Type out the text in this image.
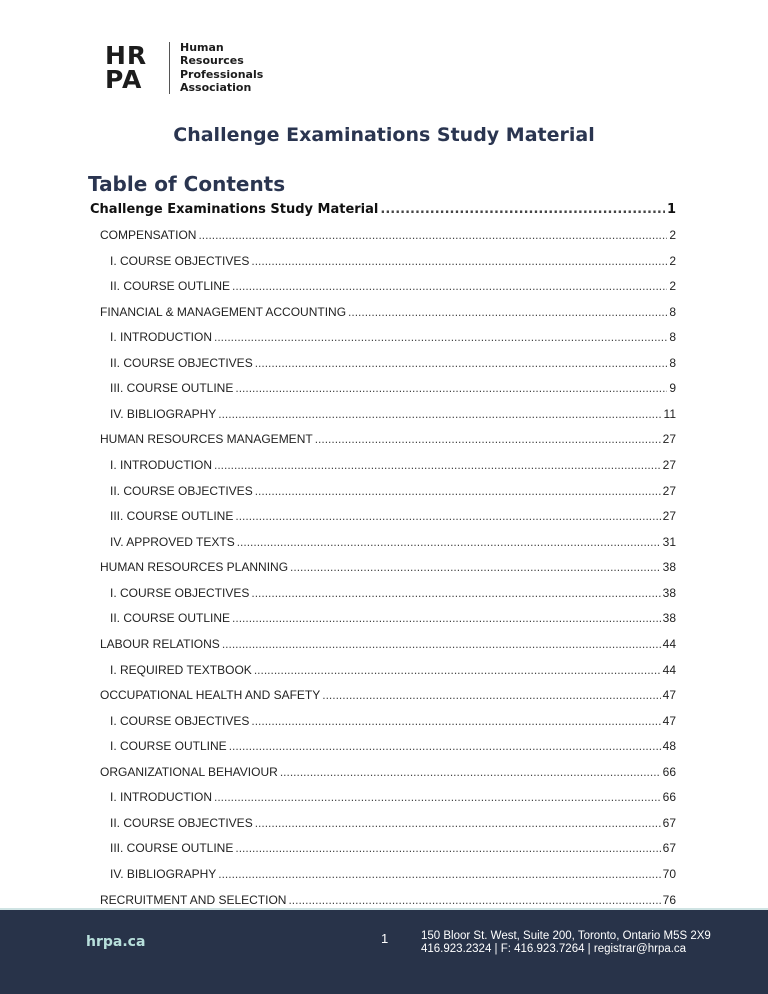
HR
PA
Human
Resources
Professionals
Association
Challenge Examinations Study Material
Table of Contents
Challenge Examinations Study Material .....	1
COMPENSATION .....	2
I. COURSE OBJECTIVES .....	2
II. COURSE OUTLINE .....	2
FINANCIAL & MANAGEMENT ACCOUNTING .....	8
I. INTRODUCTION .....	8
II. COURSE OBJECTIVES .....	8
III. COURSE OUTLINE .....	9
IV. BIBLIOGRAPHY .....	11
HUMAN RESOURCES MANAGEMENT .....	27
I. INTRODUCTION .....	27
II. COURSE OBJECTIVES .....	27
III. COURSE OUTLINE .....	27
IV. APPROVED TEXTS .....	31
HUMAN RESOURCES PLANNING .....	38
I. COURSE OBJECTIVES .....	38
II. COURSE OUTLINE .....	38
LABOUR RELATIONS .....	44
I. REQUIRED TEXTBOOK .....	44
OCCUPATIONAL HEALTH AND SAFETY .....	47
I. COURSE OBJECTIVES .....	47
I. COURSE OUTLINE .....	48
ORGANIZATIONAL BEHAVIOUR .....	66
I. INTRODUCTION .....	66
II. COURSE OBJECTIVES .....	67
III. COURSE OUTLINE .....	67
IV. BIBLIOGRAPHY .....	70
RECRUITMENT AND SELECTION .....	76
hrpa.ca	1	150 Bloor St. West, Suite 200, Toronto, Ontario M5S 2X9
416.923.2324 | F: 416.923.7264 | registrar@hrpa.ca
